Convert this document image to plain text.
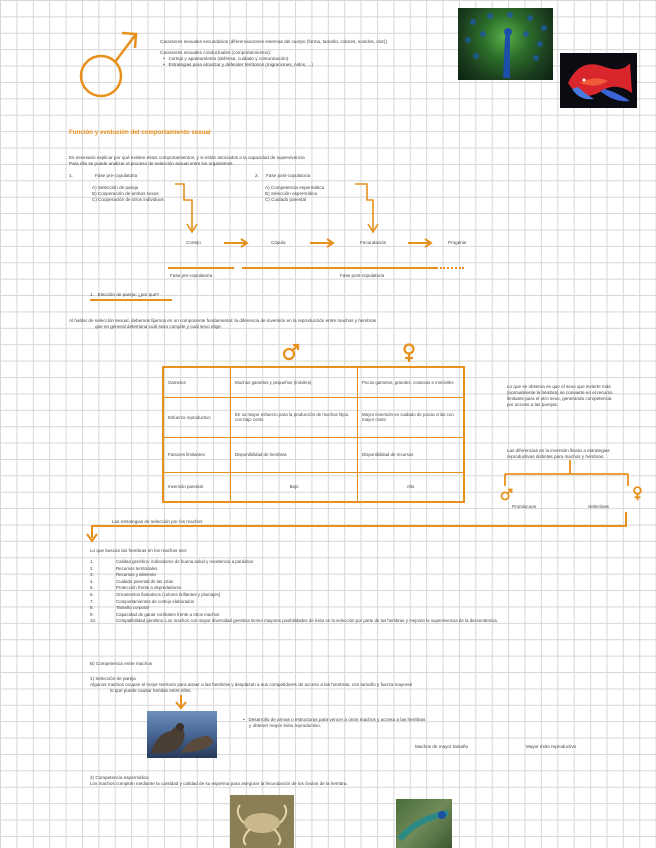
Caracteres sexuales secundarios (diferenciaciones externas del cuerpo (forma, tamaño, colores, sonidos, olor))
Caracteres sexuales conductuales (comportamientos):
•   Cortejo y apareamiento (defensa, cuidado y comunicación)
•   Estrategias para alcanzar y defender territorios (migraciones, nidos, ...)
Función y evolución del comportamiento sexual
Es necesario explicar por qué existen estos comportamientos, y si están asociados a la capacidad de supervivencia
Para ello se puede analizar el proceso de selección sexual entre los organismos.
1.	Fase pre-copulatoria
A) Selección de pareja
B) Cooperación de ambos sexos
C) Cooperación de otros individuos
2. Fase post-copulatoria
A) Competencia espermática
B) Selección espermática
C) Cuidado parental
Cortejo	Cópula	Fecundación	Progenie
Fase pre-copulatoria	Fase post-copulatoria
1.   Elección de pareja: ¿por qué?
Al hablar de selección sexual, debemos fijarnos en un componente fundamental: la diferencia de inversión en la reproducción entre machos y hembras
que en general determina cuál sexo compite y cuál sexo elige.
Gametos	Muchos gametos y pequeños (móviles)	Pocos gametos, grandes, costosos e inmóviles
Esfuerzo reproductivo	En su mayor esfuerzo para la producción de muchos hijos, con bajo costo	Mayor inversión en cuidado de pocas crías con mayor costo
Factores limitantes	Disponibilidad de hembras	Disponibilidad de recursos
Inversión parental	Bajo	Alto
Lo que se observa es que el sexo que invierte más
(normalmente la hembra) se convierte en el recurso
limitante para el otro sexo, generando competencia
por acceso a las parejas.
Las diferencias en la inversión llevan a estrategias
reproductivas distintas para machos y hembras.
Promiscuos	Selectivas
Las estrategias de selección por los machos
Lo que buscan las hembras en los machos son:
1.	Calidad genética: indicadores de buena salud y resistencia a parásitos
2.	Recursos territoriales
3.	Recursos y alimento
4.	Cuidado parental de las crías
5.	Protección frente a depredadores
6.	Ornamentos llamativos (colores brillantes y plumajes)
7.	Comportamientos de cortejo elaborados
8.	Tamaño corporal
9.	Capacidad de ganar combates frente a otros machos
10.	Compatibilidad genética: Los machos con mayor diversidad genética tienen mayores posibilidades de éxito en la selección por parte de las hembras y mejoran la supervivencia de la descendencia.
B) Competencia entre machos
1) Selección de pareja
Algunos machos ocupan el mejor territorio para atraer a las hembras y desplazan a sus competidores de acceso a las hembras, con tamaño y fuerza mayores
lo que puede causar heridas entre ellos.
•   Desarrollo de armas o estructuras para vencer a otros machos y acceso a las hembras
y obtener mayor éxito reproductivo.
Machos de mayor tamaño	Mayor éxito reproductivo
2) Competencia espermática
Los machos compiten mediante la cantidad y calidad de su esperma para asegurar la fecundación de los óvulos de la hembra.
